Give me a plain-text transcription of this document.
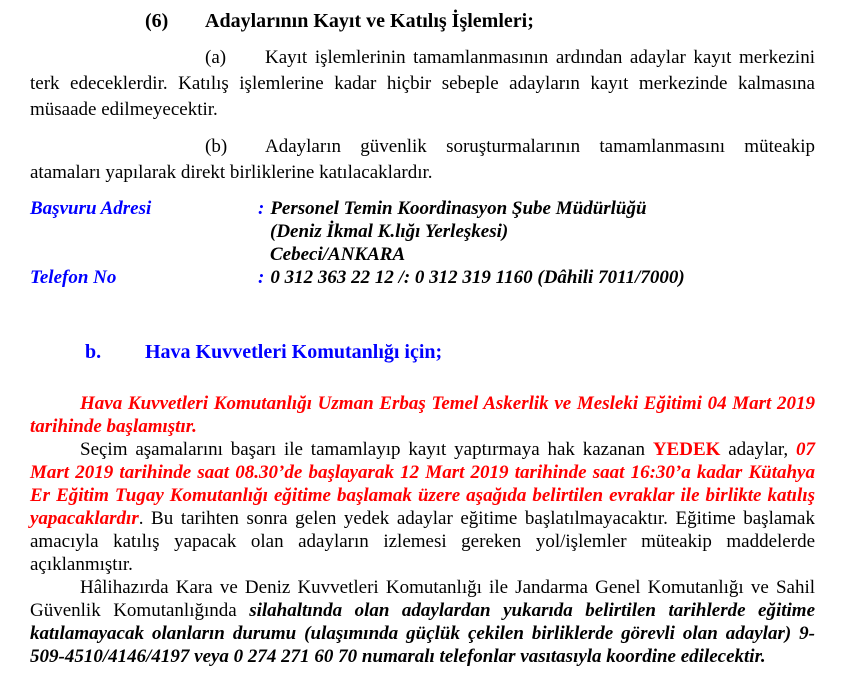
(6) Adaylarının Kayıt ve Katılış İşlemleri;

(a) Kayıt işlemlerinin tamamlanmasının ardından adaylar kayıt merkezini terk edeceklerdir. Katılış işlemlerine kadar hiçbir sebeple adayların kayıt merkezinde kalmasına müsaade edilmeyecektir.

(b) Adayların güvenlik soruşturmalarının tamamlanmasını müteakip atamaları yapılarak direkt birliklerine katılacaklardır.

Başvuru Adresi	: Personel Temin Koordinasyon Şube Müdürlüğü
(Deniz İkmal K.lığı Yerleşkesi)
Cebeci/ANKARA
Telefon No	: 0 312 363 22 12 /: 0 312 319 1160 (Dâhili 7011/7000)
b. Hava Kuvvetleri Komutanlığı için;

Hava Kuvvetleri Komutanlığı Uzman Erbaş Temel Askerlik ve Mesleki Eğitimi 04 Mart 2019 tarihinde başlamıştır.

Seçim aşamalarını başarı ile tamamlayıp kayıt yaptırmaya hak kazanan YEDEK adaylar, 07 Mart 2019 tarihinde saat 08.30’de başlayarak 12 Mart 2019 tarihinde saat 16:30’a kadar Kütahya Er Eğitim Tugay Komutanlığı eğitime başlamak üzere aşağıda belirtilen evraklar ile birlikte katılış yapacaklardır. Bu tarihten sonra gelen yedek adaylar eğitime başlatılmayacaktır. Eğitime başlamak amacıyla katılış yapacak olan adayların izlemesi gereken yol/işlemler müteakip maddelerde açıklanmıştır.

Hâlihazırda Kara ve Deniz Kuvvetleri Komutanlığı ile Jandarma Genel Komutanlığı ve Sahil Güvenlik Komutanlığında silahaltında olan adaylardan yukarıda belirtilen tarihlerde eğitime katılamayacak olanların durumu (ulaşımında güçlük çekilen birliklerde görevli olan adaylar) 9-509-4510/4146/4197 veya 0 274 271 60 70 numaralı telefonlar vasıtasıyla koordine edilecektir.
